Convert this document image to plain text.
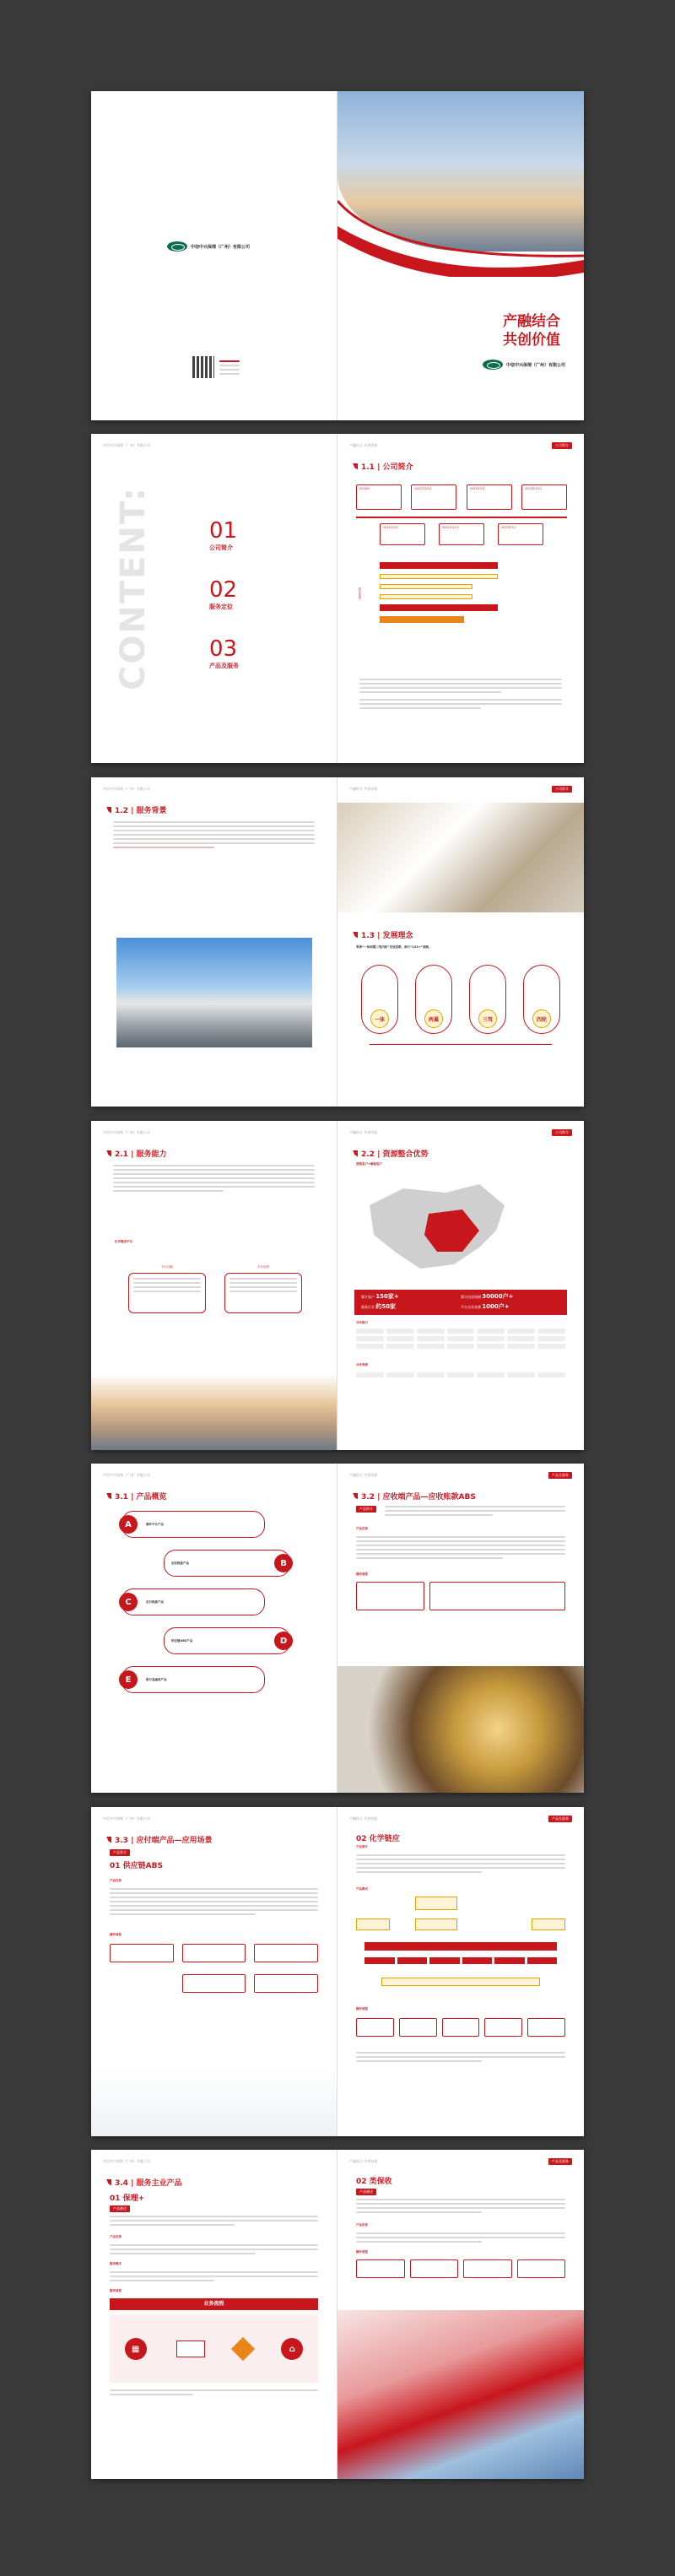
中信中兴保理（广州）有限公司
产融结合
共创价值
中信中兴保理（广州）有限公司
中信中兴保理（广州）有限公司
CONTENT:	01
公司简介
02
服务定位
03
产品及服务
产融结合 共创价值	公司简介
1.1 | 公司简介
2018年	2021年10月	2022年2月	2023年12月
2021年5月	2021年12月	2023年5月
股东架构
中信中兴保理（广州）有限公司
1.2 | 服务背景
产融结合 共创价值	公司简介
1.3 | 发展理念
秉承“一体两翼三驾四轮”发展思路，推行“123+”战略。
一体	两翼	三驾	四轮
中信中兴保理（广州）有限公司
2.1 | 服务能力
化学集团平台
平台功能	平台优势
产融结合 共创价值	公司简介
2.2 | 资源整合优势
营销客户+储备客户
累计客户 150家+	累计投放规模 30000户+
服务行业 约50家	平台交易金额 1000户+
合作银行
合作券商
中信中兴保理（广州）有限公司
3.1 | 产品概览
A	循环平台产品
B
应收账款产品
C	应付账款产品
D
供应链ABS产品
E	银行直融类产品
产融结合 共创价值	产品及服务
3.2 | 应收端产品—应收账款ABS
产品简介
产品优势
操作流程
中信中兴保理（广州）有限公司
3.3 | 应付端产品—应用场景
产品简介
01 供应链ABS
产品优势
操作流程
产融结合 共创价值	产品及服务
02 化学链应
产品简介
产品模式
操作流程
中信中兴保理（广州）有限公司
3.4 | 服务主业产品
01 保理+
产品概述
产品优势
服务模式
服务流程
业务流程
▦	⌂
产融结合 共创价值	产品及服务
02 类保收
产品概述
产品优势
操作流程
